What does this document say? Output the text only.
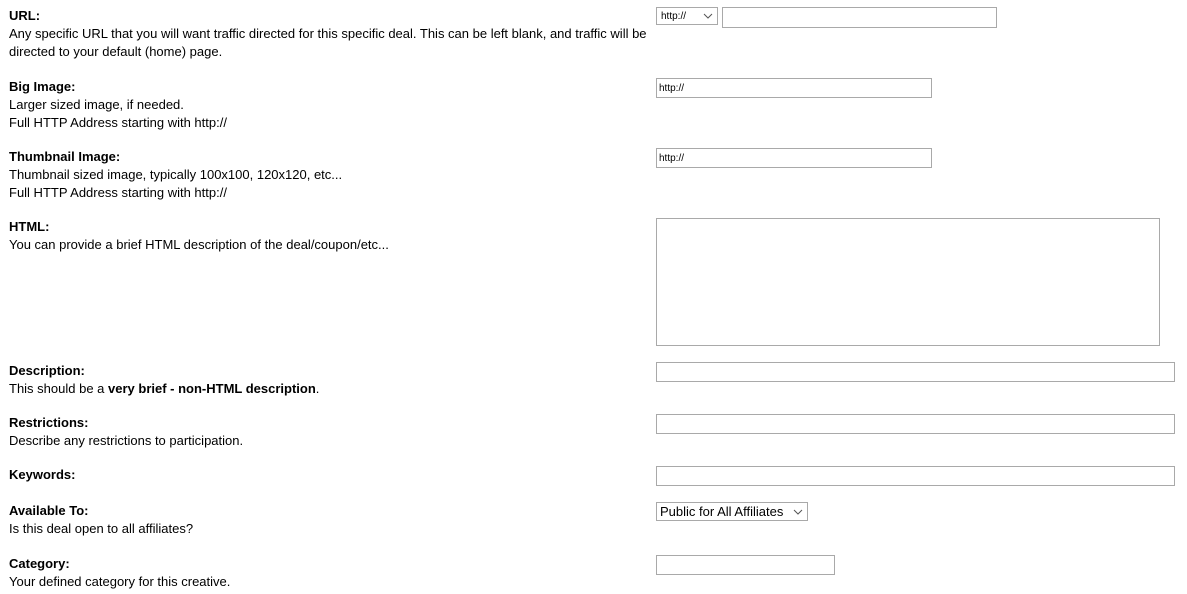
URL:
Any specific URL that you will want traffic directed for this specific deal. This can be left blank, and traffic will be directed to your default (home) page.
http://
Big Image:
Larger sized image, if needed.
Full HTTP Address starting with http://
http://
Thumbnail Image:
Thumbnail sized image, typically 100x100, 120x120, etc...
Full HTTP Address starting with http://
http://
HTML:
You can provide a brief HTML description of the deal/coupon/etc...
Description:
This should be a very brief - non-HTML description.
Restrictions:
Describe any restrictions to participation.
Keywords:
Available To:
Is this deal open to all affiliates?
Public for All Affiliates
Category:
Your defined category for this creative.
